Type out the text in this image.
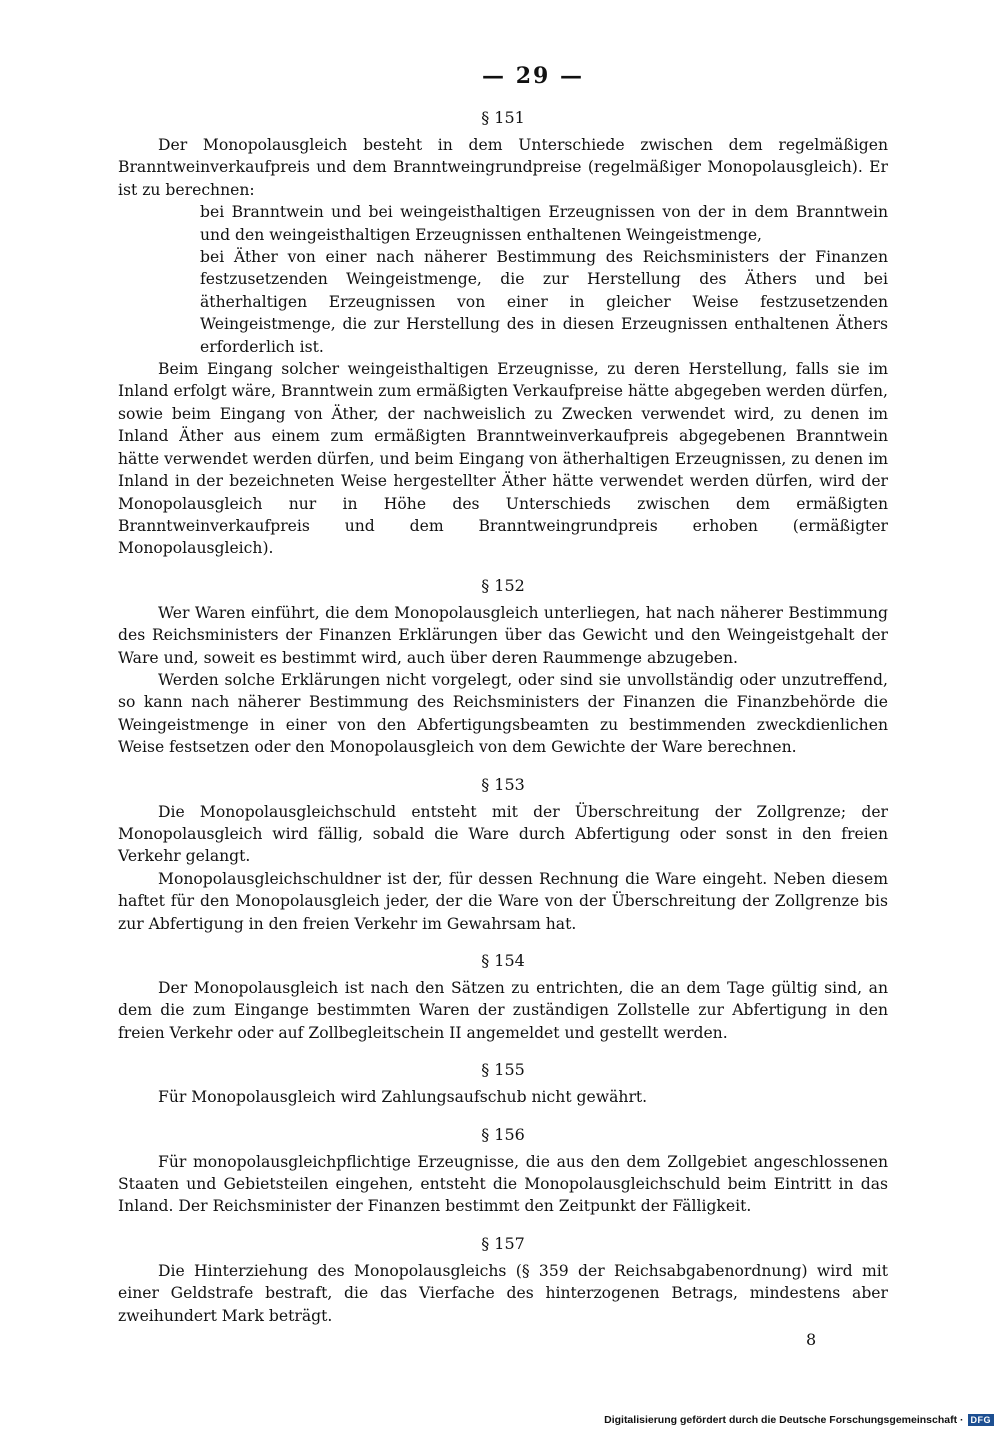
— 29 —
§ 151

Der Monopolausgleich besteht in dem Unterschiede zwischen dem regelmäßigen Branntweinverkaufpreis und dem Branntweingrundpreise (regelmäßiger Monopolausgleich). Er ist zu berechnen:

bei Branntwein und bei weingeisthaltigen Erzeugnissen von der in dem Branntwein und den weingeisthaltigen Erzeugnissen enthaltenen Weingeistmenge,

bei Äther von einer nach näherer Bestimmung des Reichsministers der Finanzen festzusetzenden Weingeistmenge, die zur Herstellung des Äthers und bei ätherhaltigen Erzeugnissen von einer in gleicher Weise festzusetzenden Weingeistmenge, die zur Herstellung des in diesen Erzeugnissen enthaltenen Äthers erforderlich ist.

Beim Eingang solcher weingeisthaltigen Erzeugnisse, zu deren Herstellung, falls sie im Inland erfolgt wäre, Branntwein zum ermäßigten Verkaufpreise hätte abgegeben werden dürfen, sowie beim Eingang von Äther, der nachweislich zu Zwecken verwendet wird, zu denen im Inland Äther aus einem zum ermäßigten Branntweinverkaufpreis abgegebenen Branntwein hätte verwendet werden dürfen, und beim Eingang von ätherhaltigen Erzeugnissen, zu denen im Inland in der bezeichneten Weise hergestellter Äther hätte verwendet werden dürfen, wird der Monopolausgleich nur in Höhe des Unterschieds zwischen dem ermäßigten Branntweinverkaufpreis und dem Branntweingrundpreis erhoben (ermäßigter Monopolausgleich).

§ 152

Wer Waren einführt, die dem Monopolausgleich unterliegen, hat nach näherer Bestimmung des Reichsministers der Finanzen Erklärungen über das Gewicht und den Weingeistgehalt der Ware und, soweit es bestimmt wird, auch über deren Raummenge abzugeben.

Werden solche Erklärungen nicht vorgelegt, oder sind sie unvollständig oder unzutreffend, so kann nach näherer Bestimmung des Reichsministers der Finanzen die Finanzbehörde die Weingeistmenge in einer von den Abfertigungsbeamten zu bestimmenden zweckdienlichen Weise festsetzen oder den Monopolausgleich von dem Gewichte der Ware berechnen.

§ 153

Die Monopolausgleichschuld entsteht mit der Überschreitung der Zollgrenze; der Monopolausgleich wird fällig, sobald die Ware durch Abfertigung oder sonst in den freien Verkehr gelangt.

Monopolausgleichschuldner ist der, für dessen Rechnung die Ware eingeht. Neben diesem haftet für den Monopolausgleich jeder, der die Ware von der Überschreitung der Zollgrenze bis zur Abfertigung in den freien Verkehr im Gewahrsam hat.

§ 154

Der Monopolausgleich ist nach den Sätzen zu entrichten, die an dem Tage gültig sind, an dem die zum Eingange bestimmten Waren der zuständigen Zollstelle zur Abfertigung in den freien Verkehr oder auf Zollbegleitschein II angemeldet und gestellt werden.

§ 155

Für Monopolausgleich wird Zahlungsaufschub nicht gewährt.

§ 156

Für monopolausgleichpflichtige Erzeugnisse, die aus den dem Zollgebiet angeschlossenen Staaten und Gebietsteilen eingehen, entsteht die Monopolausgleichschuld beim Eintritt in das Inland. Der Reichsminister der Finanzen bestimmt den Zeitpunkt der Fälligkeit.

§ 157

Die Hinterziehung des Monopolausgleichs (§ 359 der Reichsabgabenordnung) wird mit einer Geldstrafe bestraft, die das Vierfache des hinterzogenen Betrags, mindestens aber zweihundert Mark beträgt.

8
Digitalisierung gefördert durch die Deutsche Forschungsgemeinschaft · DFG
